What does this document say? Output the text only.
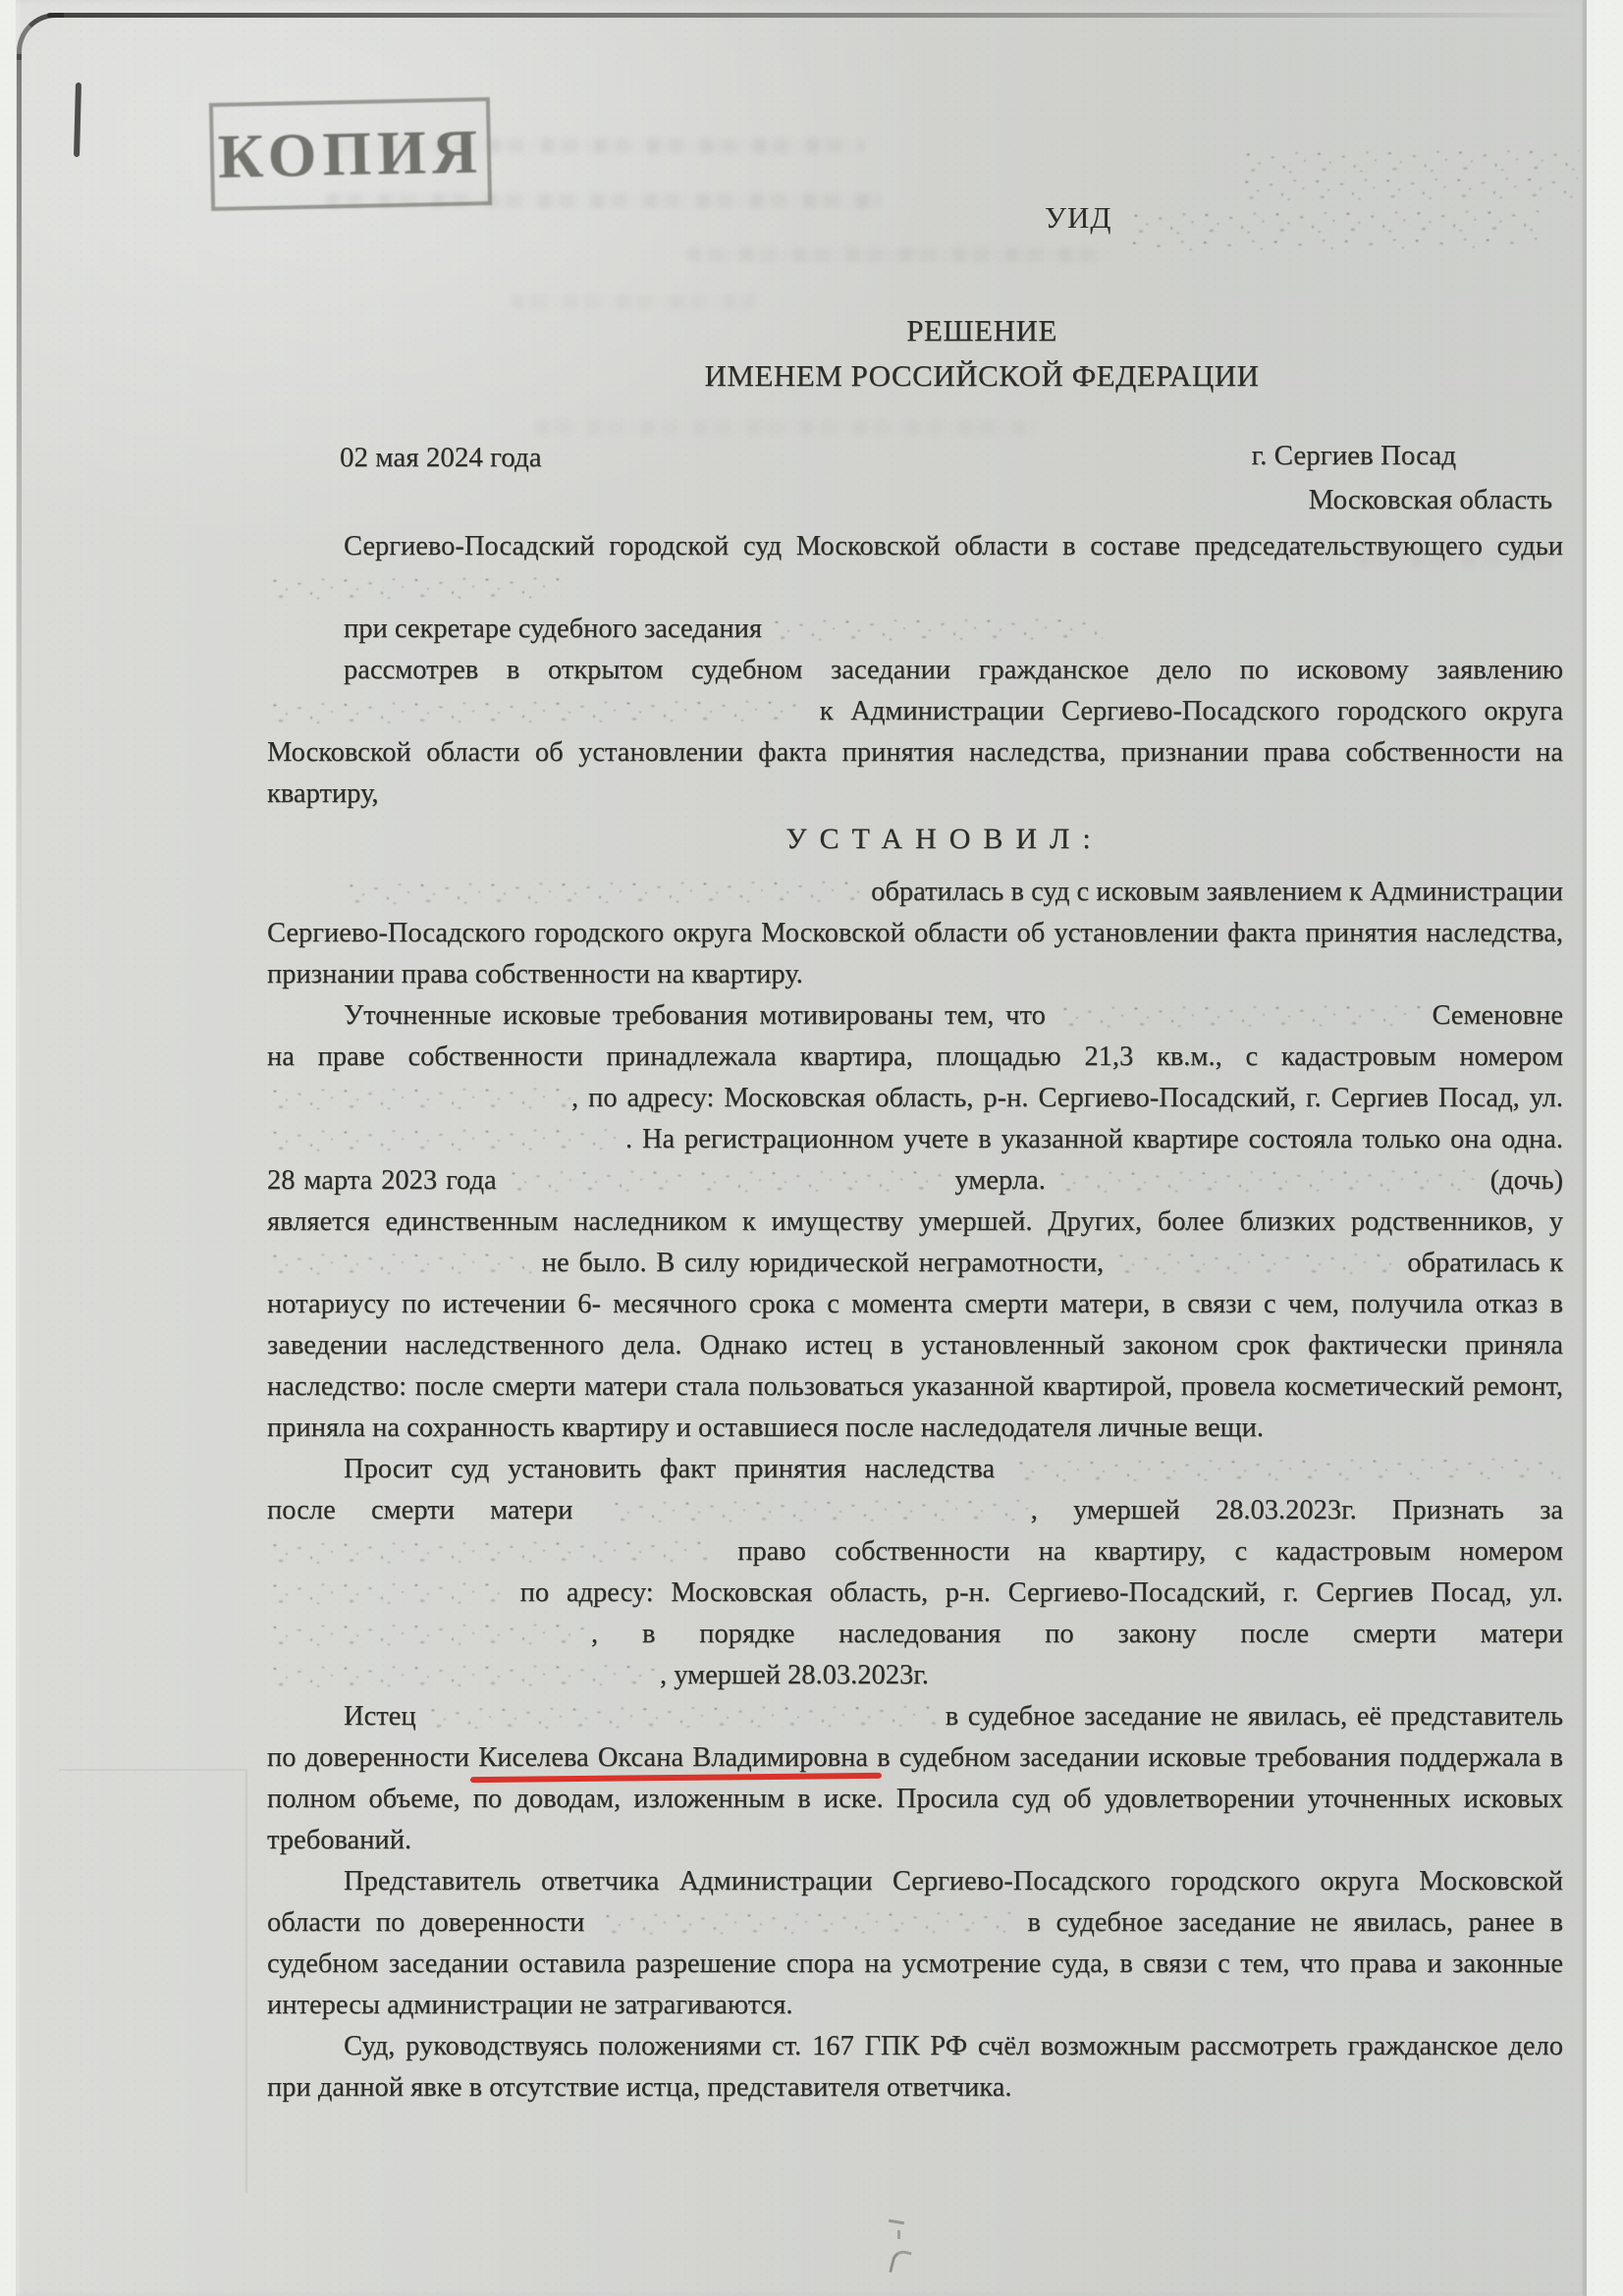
КОПИЯ
УИД
РЕШЕНИЕ
ИМЕНЕМ РОССИЙСКОЙ ФЕДЕРАЦИИ
02 мая 2024 года	г. Сергиев Посад
Московская область

Сергиево-Посадский городской суд Московской области в составе председательствующего судьи

при секретаре судебного заседания

рассмотрев в открытом судебном заседании гражданское дело по исковому заявлению  к Администрации Сергиево-Посадского городского округа Московской области об установлении факта принятия наследства, признании права собственности на квартиру,

УСТАНОВИЛ:

обратилась в суд с исковым заявлением к Администрации Сергиево-Посадского городского округа Московской области об установлении факта принятия наследства, признании права собственности на квартиру.

Уточненные исковые требования мотивированы тем, что	Семеновне на праве собственности принадлежала квартира, площадью 21,3 кв.м., с кадастровым номером , по адресу: Московская область, р-н. Сергиево-Посадский, г. Сергиев Посад, ул. . На регистрационном учете в указанной квартире состояла только она одна. 28 марта 2023 года	умерла.	(дочь) является единственным наследником к имуществу умершей. Других, более близких родственников, у  не было. В силу юридической неграмотности,	обратилась к нотариусу по истечении 6- месячного срока с момента смерти матери, в связи с чем, получила отказ в заведении наследственного дела. Однако истец в установленный законом срок фактически приняла наследство: после смерти матери стала пользоваться указанной квартирой, провела косметический ремонт, приняла на сохранность квартиру и оставшиеся после наследодателя личные вещи.

Просит суд установить факт принятия наследства  после смерти матери	, умершей 28.03.2023г. Признать за  право собственности на квартиру, с кадастровым номером  по адресу: Московская область, р-н. Сергиево-Посадский, г. Сергиев Посад, ул. , в порядке наследования по закону после смерти матери , умершей 28.03.2023г.

Истец	в судебное заседание не явилась, её представитель по доверенности Киселева Оксана Владимировна в судебном заседании исковые требования поддержала в полном объеме, по доводам, изложенным в иске. Просила суд об удовлетворении уточненных исковых требований.

Представитель ответчика Администрации Сергиево-Посадского городского округа Московской области по доверенности	в судебное заседание не явилась, ранее в судебном заседании оставила разрешение спора на усмотрение суда, в связи с тем, что права и законные интересы администрации не затрагиваются.

Суд, руководствуясь положениями ст. 167 ГПК РФ счёл возможным рассмотреть гражданское дело при данной явке в отсутствие истца, представителя ответчика.
